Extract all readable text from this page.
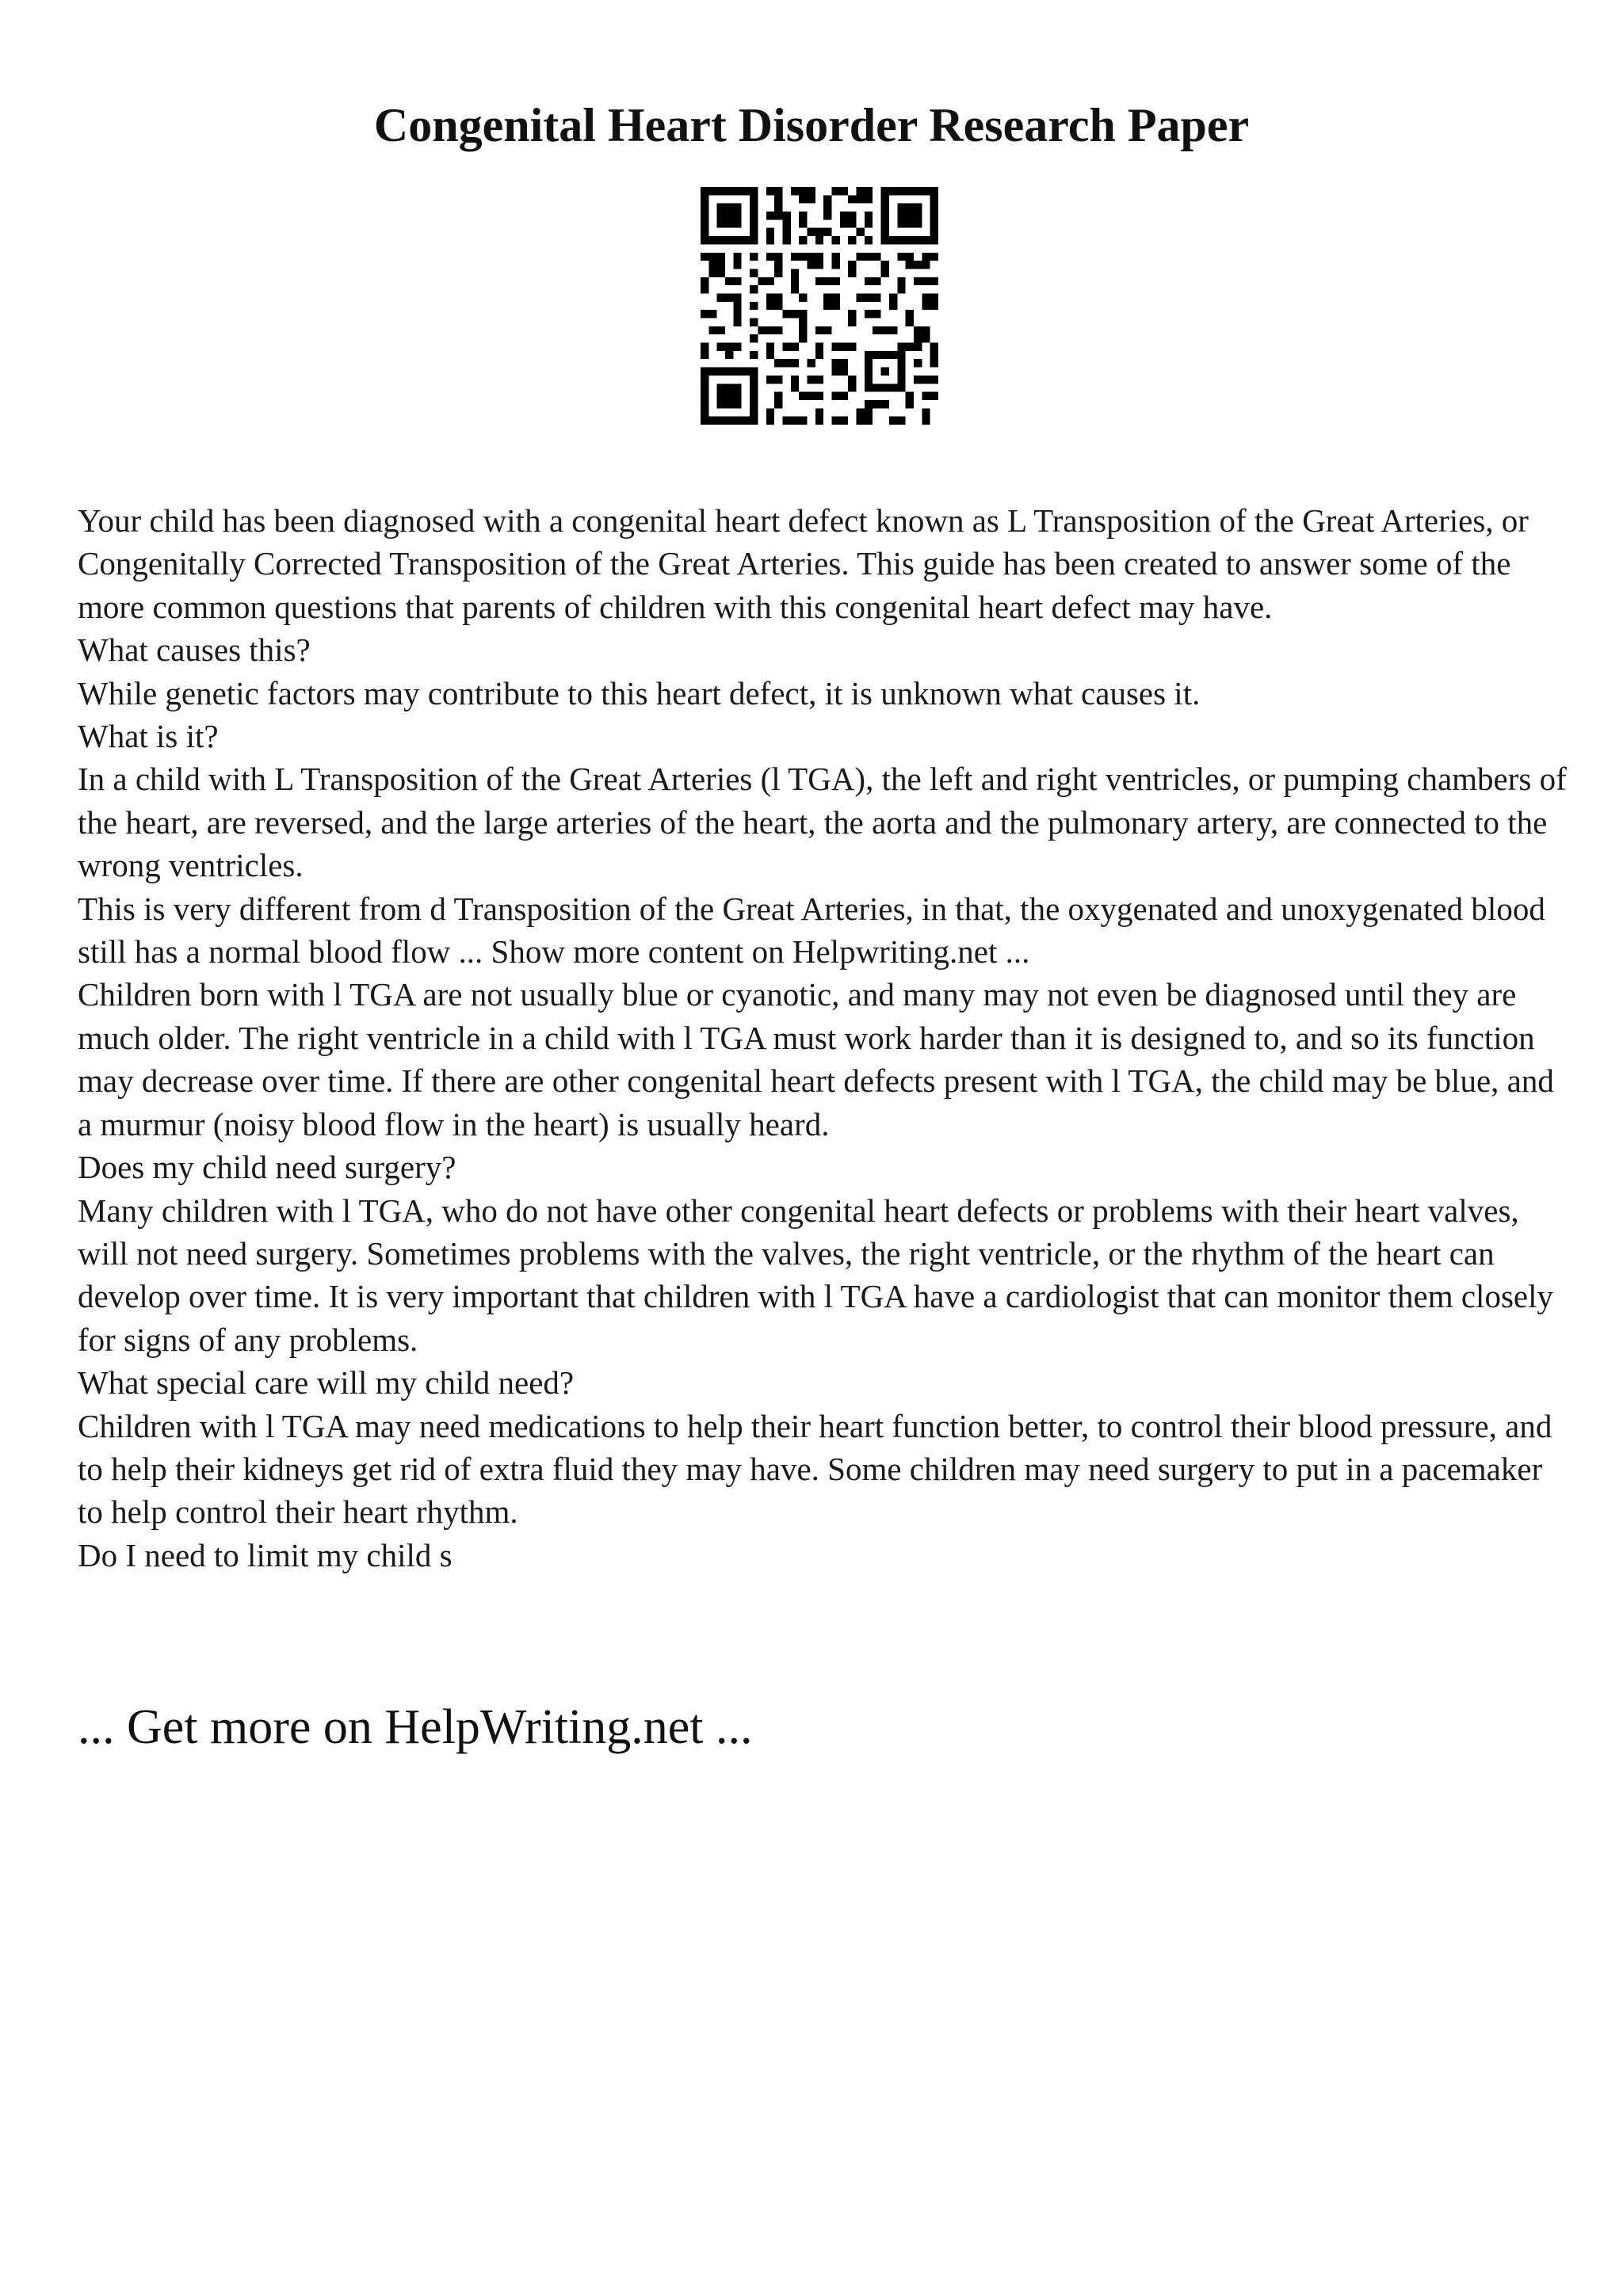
Congenital Heart Disorder Research Paper

Your child has been diagnosed with a congenital heart defect known as L Transposition of the Great Arteries, or Congenitally Corrected Transposition of the Great Arteries. This guide has been created to answer some of the more common questions that parents of children with this congenital heart defect may have.

What causes this?

While genetic factors may contribute to this heart defect, it is unknown what causes it.

What is it?

In a child with L Transposition of the Great Arteries (l TGA), the left and right ventricles, or pumping chambers of the heart, are reversed, and the large arteries of the heart, the aorta and the pulmonary artery, are connected to the wrong ventricles.

This is very different from d Transposition of the Great Arteries, in that, the oxygenated and unoxygenated blood still has a normal blood flow ... Show more content on Helpwriting.net ...

Children born with l TGA are not usually blue or cyanotic, and many may not even be diagnosed until they are much older. The right ventricle in a child with l TGA must work harder than it is designed to, and so its function may decrease over time. If there are other congenital heart defects present with l TGA, the child may be blue, and a murmur (noisy blood flow in the heart) is usually heard.

Does my child need surgery?

Many children with l TGA, who do not have other congenital heart defects or problems with their heart valves, will not need surgery. Sometimes problems with the valves, the right ventricle, or the rhythm of the heart can develop over time. It is very important that children with l TGA have a cardiologist that can monitor them closely for signs of any problems.

What special care will my child need?

Children with l TGA may need medications to help their heart function better, to control their blood pressure, and to help their kidneys get rid of extra fluid they may have. Some children may need surgery to put in a pacemaker to help control their heart rhythm.

Do I need to limit my child s

... Get more on HelpWriting.net ...
